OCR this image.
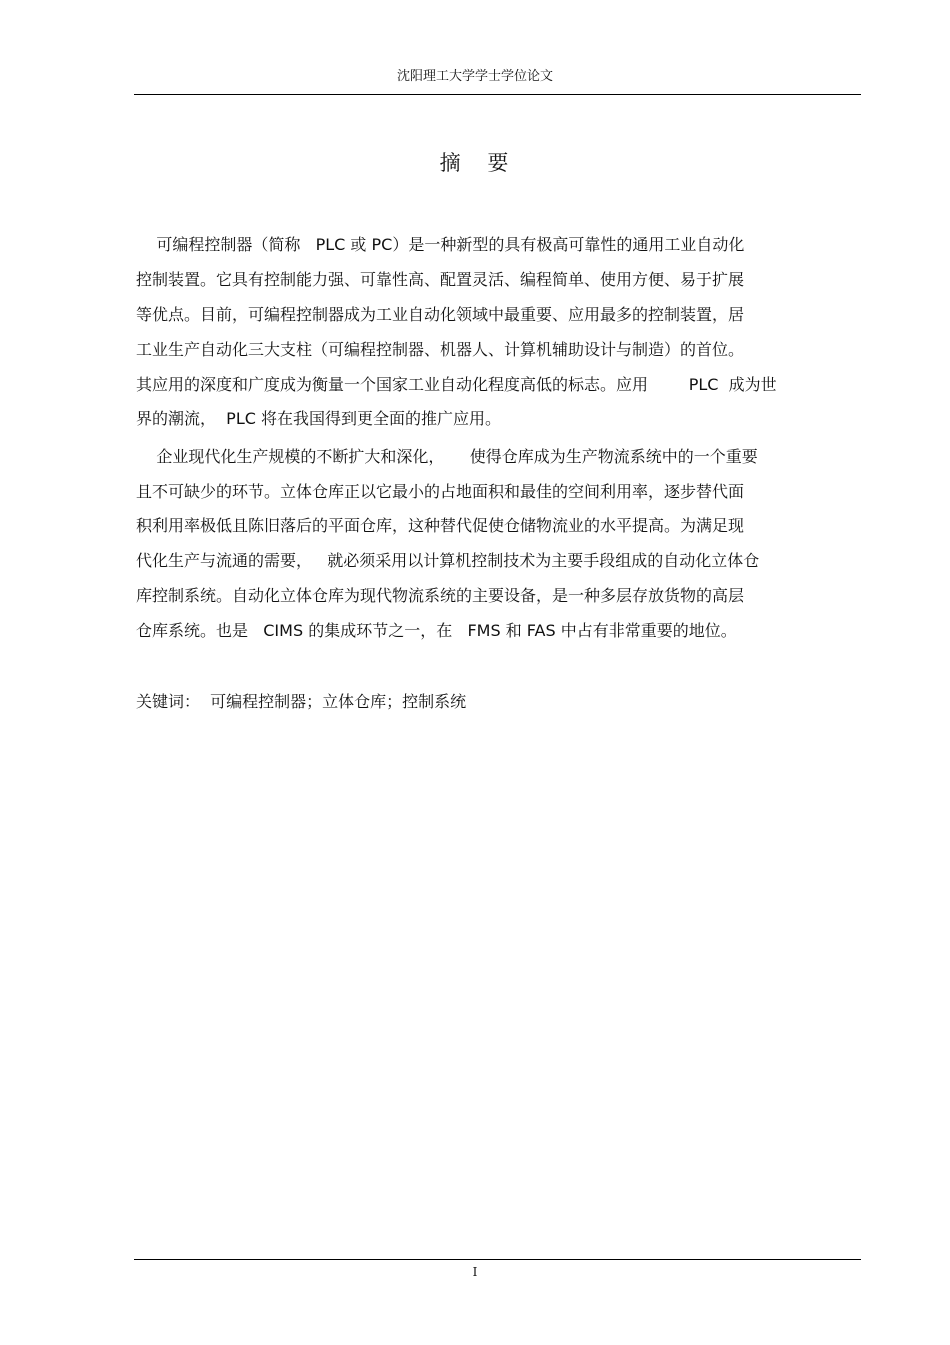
沈阳理工大学学士学位论文
摘 要
可编程控制器（简称   PLC 或 PC）是一种新型的具有极高可靠性的通用工业自动化
控制装置。它具有控制能力强、可靠性高、配置灵活、编程简单、使用方便、易于扩展
等优点。目前，可编程控制器成为工业自动化领域中最重要、应用最多的控制装置，居
工业生产自动化三大支柱（可编程控制器、机器人、计算机辅助设计与制造）的首位。
其应用的深度和广度成为衡量一个国家工业自动化程度高低的标志。应用        PLC  成为世
界的潮流，  PLC 将在我国得到更全面的推广应用。
企业现代化生产规模的不断扩大和深化，     使得仓库成为生产物流系统中的一个重要
且不可缺少的环节。立体仓库正以它最小的占地面积和最佳的空间利用率，逐步替代面
积利用率极低且陈旧落后的平面仓库，这种替代促使仓储物流业的水平提高。为满足现
代化生产与流通的需要，   就必须采用以计算机控制技术为主要手段组成的自动化立体仓
库控制系统。自动化立体仓库为现代物流系统的主要设备，是一种多层存放货物的高层
仓库系统。也是   CIMS 的集成环节之一，在   FMS 和 FAS 中占有非常重要的地位。
关键词：  可编程控制器；立体仓库；控制系统
I
